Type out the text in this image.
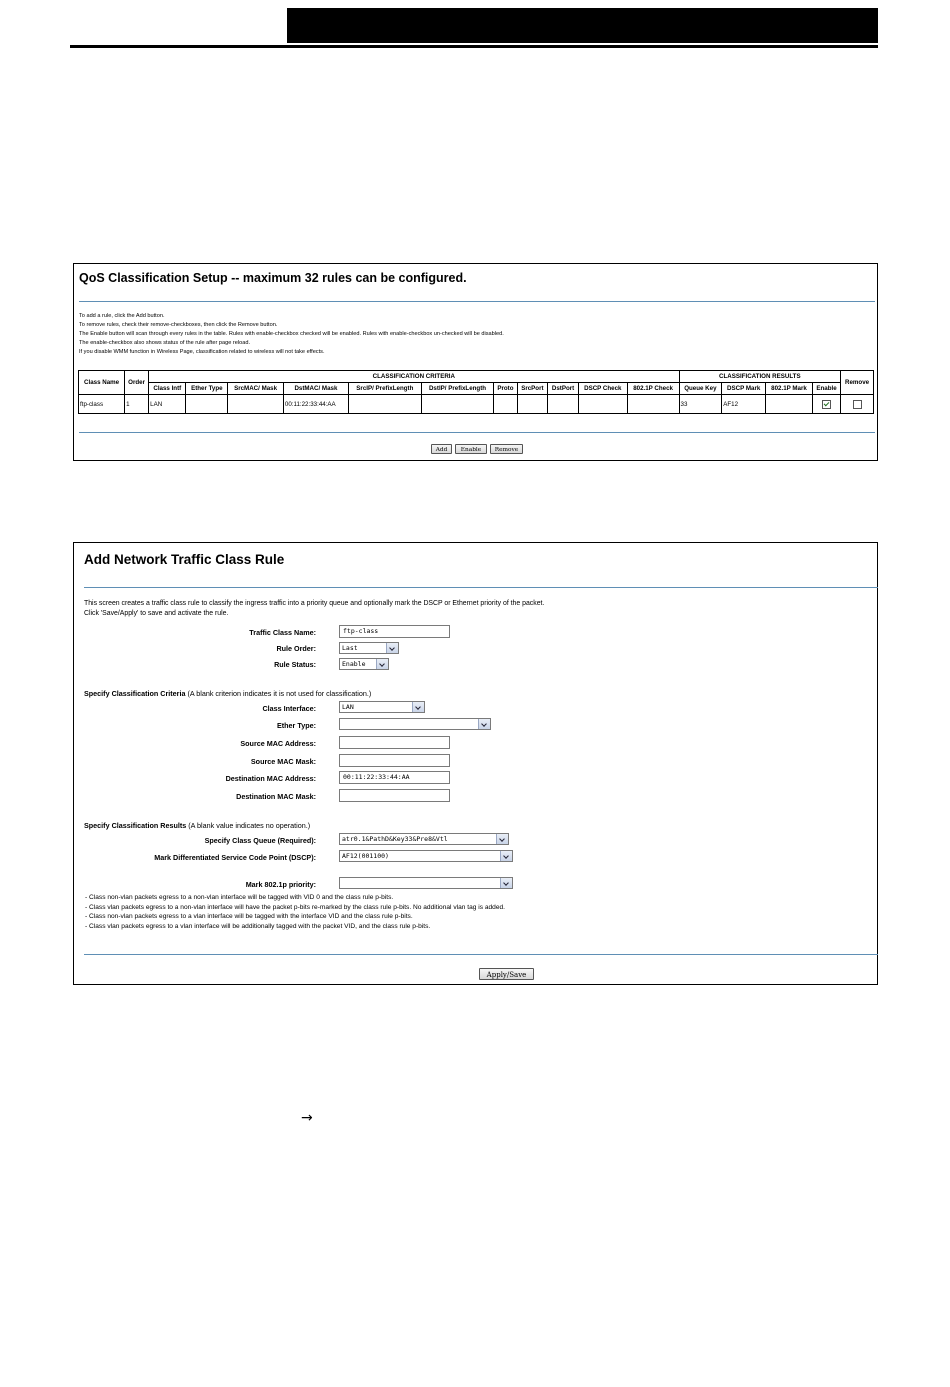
QoS Classification Setup -- maximum 32 rules can be configured.
To add a rule, click the Add button.
To remove rules, check their remove-checkboxes, then click the Remove button.
The Enable button will scan through every rules in the table. Rules with enable-checkbox checked will be enabled. Rules with enable-checkbox un-checked will be disabled.
The enable-checkbox also shows status of the rule after page reload.
If you disable WMM function in Wireless Page, classification related to wireless will not take effects.
Class Name	Order	CLASSIFICATION CRITERIA											CLASSIFICATION RESULTS				Remove
		Class Intf	Ether Type	SrcMAC/ Mask	DstMAC/ Mask	SrcIP/ PrefixLength	DstIP/ PrefixLength	Proto	SrcPort	DstPort	DSCP Check	802.1P Check	Queue Key	DSCP Mark	802.1P Mark	Enable	
ftp-class	1	LAN			00:11:22:33:44:AA								33	AF12			
Add	Enable	Remove
Add Network Traffic Class Rule
This screen creates a traffic class rule to classify the ingress traffic into a priority queue and optionally mark the DSCP or Ethernet priority of the packet.
Click 'Save/Apply' to save and activate the rule.
Traffic Class Name:	ftp-class
Rule Order:	Last
Rule Status:	Enable
Specify Classification Criteria (A blank criterion indicates it is not used for classification.)
Class Interface:	LAN
Ether Type:
Source MAC Address:
Source MAC Mask:
Destination MAC Address:	00:11:22:33:44:AA
Destination MAC Mask:
Specify Classification Results (A blank value indicates no operation.)
Specify Class Queue (Required):	atr0.1&PathD&Key33&Pre8&Vtl
Mark Differentiated Service Code Point (DSCP):	AF12(001100)
Mark 802.1p priority:
- Class non-vlan packets egress to a non-vlan interface will be tagged with VID 0 and the class rule p-bits.
- Class vlan packets egress to a non-vlan interface will have the packet p-bits re-marked by the class rule p-bits. No additional vlan tag is added.
- Class non-vlan packets egress to a vlan interface will be tagged with the interface VID and the class rule p-bits.
- Class vlan packets egress to a vlan interface will be additionally tagged with the packet VID, and the class rule p-bits.
Apply/Save
→
